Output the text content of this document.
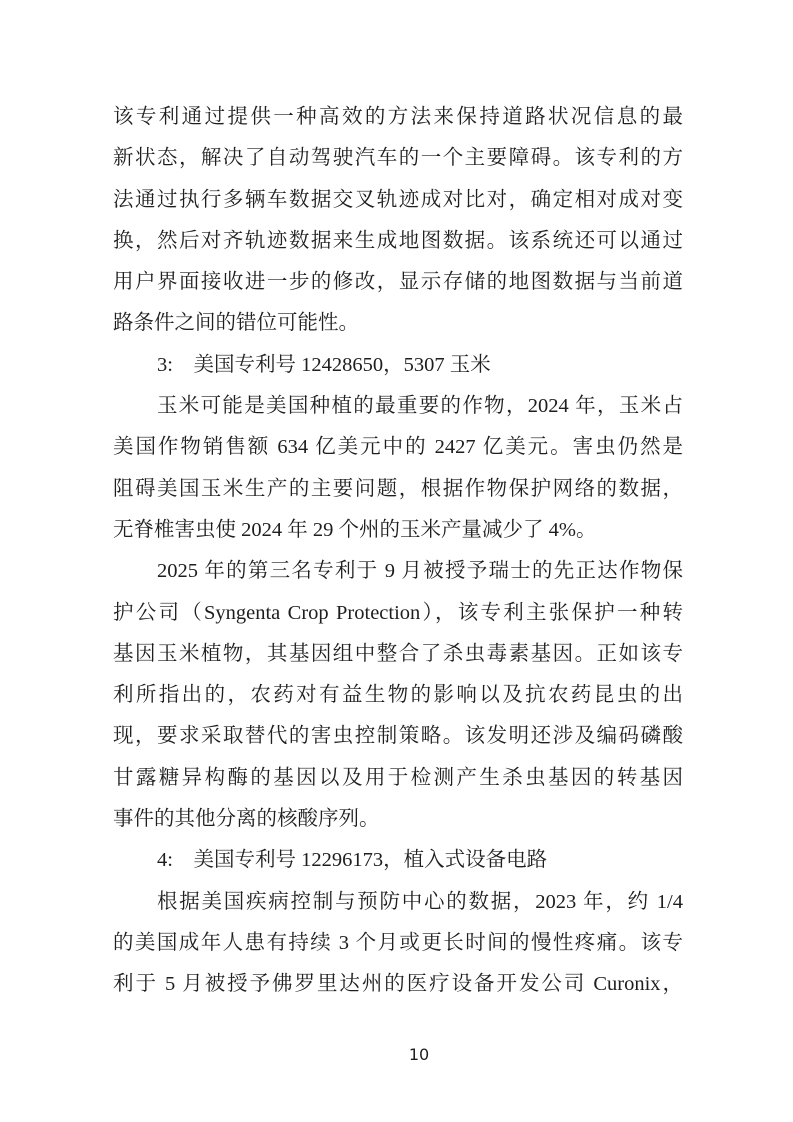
该专利通过提供一种高效的方法来保持道路状况信息的最
新状态，解决了自动驾驶汽车的一个主要障碍。该专利的方
法通过执行多辆车数据交叉轨迹成对比对，确定相对成对变
换，然后对齐轨迹数据来生成地图数据。该系统还可以通过
用户界面接收进一步的修改，显示存储的地图数据与当前道
路条件之间的错位可能性。
3:　美国专利号 12428650，5307 玉米
玉米可能是美国种植的最重要的作物，2024 年，玉米占
美国作物销售额 634 亿美元中的 2427 亿美元。害虫仍然是
阻碍美国玉米生产的主要问题，根据作物保护网络的数据，
无脊椎害虫使 2024 年 29 个州的玉米产量减少了 4%。
2025 年的第三名专利于 9 月被授予瑞士的先正达作物保
护公司（Syngenta Crop Protection），该专利主张保护一种转
基因玉米植物，其基因组中整合了杀虫毒素基因。正如该专
利所指出的，农药对有益生物的影响以及抗农药昆虫的出
现，要求采取替代的害虫控制策略。该发明还涉及编码磷酸
甘露糖异构酶的基因以及用于检测产生杀虫基因的转基因
事件的其他分离的核酸序列。
4:　美国专利号 12296173，植入式设备电路
根据美国疾病控制与预防中心的数据，2023 年，约 1/4
的美国成年人患有持续 3 个月或更长时间的慢性疼痛。该专
利于 5 月被授予佛罗里达州的医疗设备开发公司 Curonix，
10
